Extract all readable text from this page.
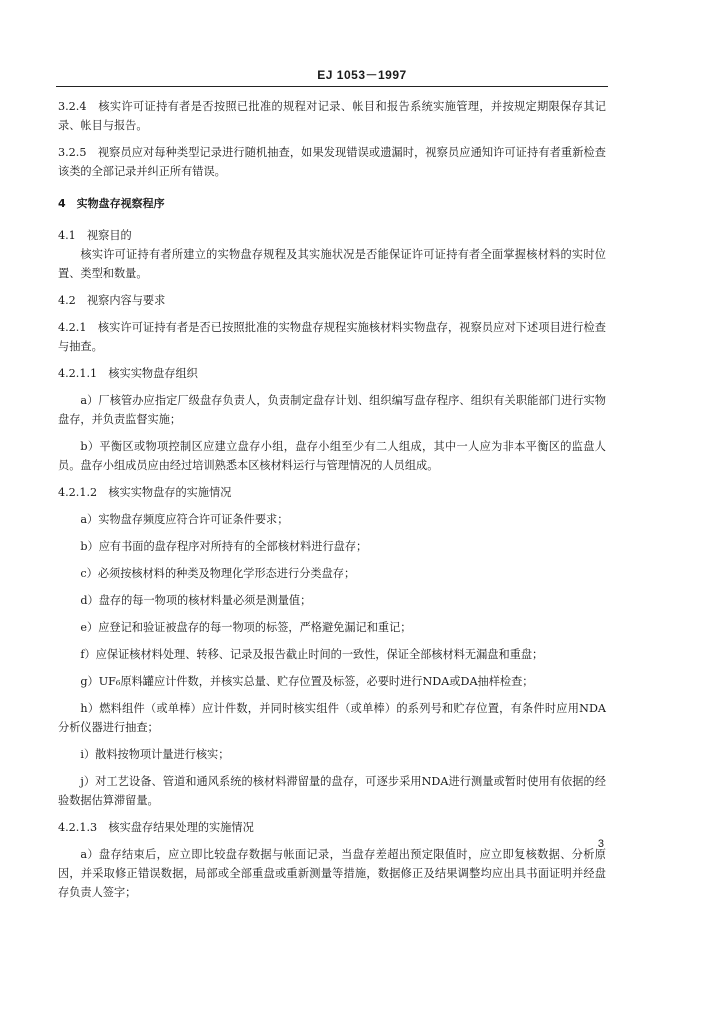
EJ 1053－1997

3.2.4　核实许可证持有者是否按照已批准的规程对记录、帐目和报告系统实施管理，并按规定期限保存其记录、帐目与报告。

3.2.5　视察员应对每种类型记录进行随机抽查，如果发现错误或遗漏时，视察员应通知许可证持有者重新检查该类的全部记录并纠正所有错误。

4　实物盘存视察程序

4.1　视察目的

核实许可证持有者所建立的实物盘存规程及其实施状况是否能保证许可证持有者全面掌握核材料的实时位置、类型和数量。

4.2　视察内容与要求

4.2.1　核实许可证持有者是否已按照批准的实物盘存规程实施核材料实物盘存，视察员应对下述项目进行检查与抽查。

4.2.1.1　核实实物盘存组织

a）厂核管办应指定厂级盘存负责人，负责制定盘存计划、组织编写盘存程序、组织有关职能部门进行实物盘存，并负责监督实施；

b）平衡区或物项控制区应建立盘存小组，盘存小组至少有二人组成，其中一人应为非本平衡区的监盘人员。盘存小组成员应由经过培训熟悉本区核材料运行与管理情况的人员组成。

4.2.1.2　核实实物盘存的实施情况

a）实物盘存频度应符合许可证条件要求；

b）应有书面的盘存程序对所持有的全部核材料进行盘存；

c）必须按核材料的种类及物理化学形态进行分类盘存；

d）盘存的每一物项的核材料量必须是测量值；

e）应登记和验证被盘存的每一物项的标签，严格避免漏记和重记；

f）应保证核材料处理、转移、记录及报告截止时间的一致性，保证全部核材料无漏盘和重盘；

g）UF₆原料罐应计件数，并核实总量、贮存位置及标签，必要时进行NDA或DA抽样检查；

h）燃料组件（或单棒）应计件数，并同时核实组件（或单棒）的系列号和贮存位置，有条件时应用NDA分析仪器进行抽查；

i）散料按物项计量进行核实；

j）对工艺设备、管道和通风系统的核材料滞留量的盘存，可逐步采用NDA进行测量或暂时使用有依据的经验数据估算滞留量。

4.2.1.3　核实盘存结果处理的实施情况

a）盘存结束后，应立即比较盘存数据与帐面记录，当盘存差超出预定限值时，应立即复核数据、分析原因，并采取修正错误数据，局部或全部重盘或重新测量等措施，数据修正及结果调整均应出具书面证明并经盘存负责人签字；

3
